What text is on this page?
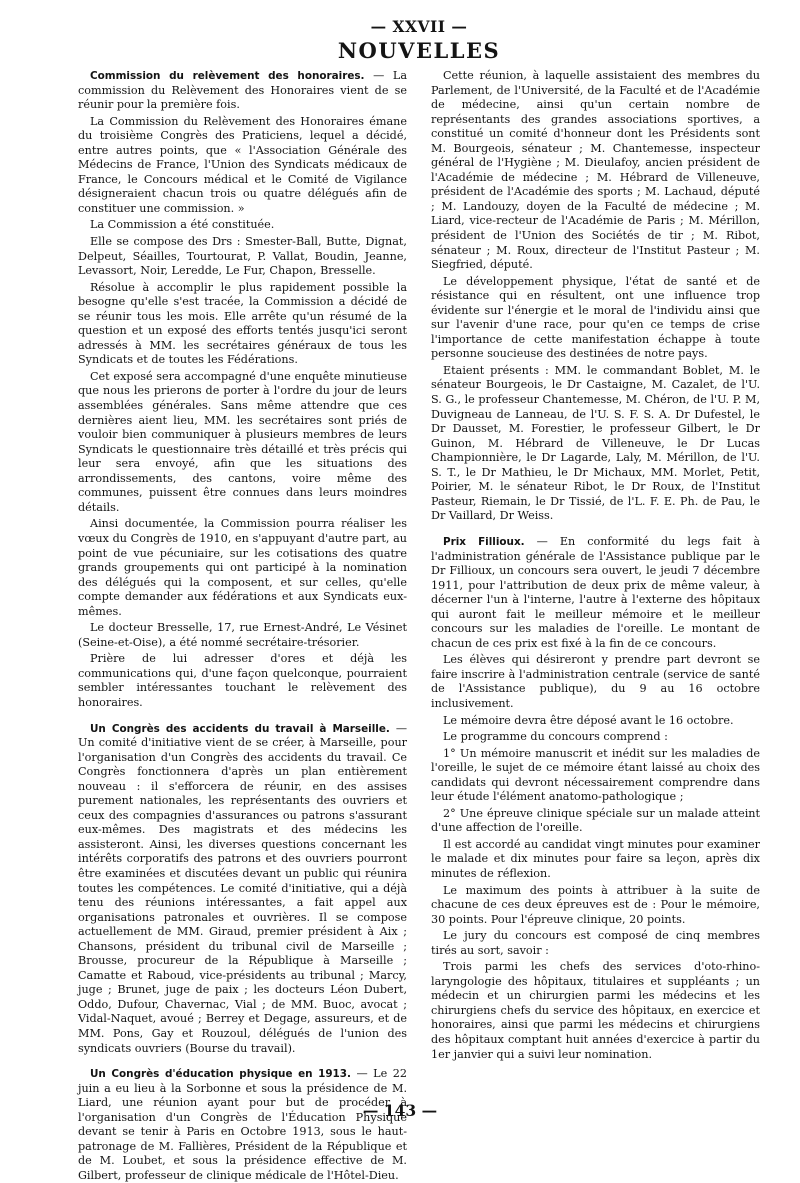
— XXVII —

NOUVELLES

Commission du relèvement des honoraires. — La commission du Relèvement des Honoraires vient de se réunir pour la première fois.

La Commission du Relèvement des Honoraires émane du troisième Congrès des Praticiens, lequel a décidé, entre autres points, que « l'Association Générale des Médecins de France, l'Union des Syndicats médicaux de France, le Concours médical et le Comité de Vigilance désigneraient chacun trois ou quatre délégués afin de constituer une commission. »

La Commission a été constituée.

Elle se compose des Drs : Smester-Ball, Butte, Dignat, Delpeut, Séailles, Tourtourat, P. Vallat, Boudin, Jeanne, Levassort, Noir, Leredde, Le Fur, Chapon, Bresselle.

Résolue à accomplir le plus rapidement possible la besogne qu'elle s'est tracée, la Commission a décidé de se réunir tous les mois. Elle arrête qu'un résumé de la question et un exposé des efforts tentés jusqu'ici seront adressés à MM. les secrétaires généraux de tous les Syndicats et de toutes les Fédérations.

Cet exposé sera accompagné d'une enquête minutieuse que nous les prierons de porter à l'ordre du jour de leurs assemblées générales. Sans même attendre que ces dernières aient lieu, MM. les secrétaires sont priés de vouloir bien communiquer à plusieurs membres de leurs Syndicats le questionnaire très détaillé et très précis qui leur sera envoyé, afin que les situations des arrondissements, des cantons, voire même des communes, puissent être connues dans leurs moindres détails.

Ainsi documentée, la Commission pourra réaliser les vœux du Congrès de 1910, en s'appuyant d'autre part, au point de vue pécuniaire, sur les cotisations des quatre grands groupements qui ont participé à la nomination des délégués qui la composent, et sur celles, qu'elle compte demander aux fédérations et aux Syndicats eux-mêmes.

Le docteur Bresselle, 17, rue Ernest-André, Le Vésinet (Seine-et-Oise), a été nommé secrétaire-trésorier.

Prière de lui adresser d'ores et déjà les communications qui, d'une façon quelconque, pourraient sembler intéressantes touchant le relèvement des honoraires.

Un Congrès des accidents du travail à Marseille. — Un comité d'initiative vient de se créer, à Marseille, pour l'organisation d'un Congrès des accidents du travail. Ce Congrès fonctionnera d'après un plan entièrement nouveau : il s'efforcera de réunir, en des assises purement nationales, les représentants des ouvriers et ceux des compagnies d'assurances ou patrons s'assurant eux-mêmes. Des magistrats et des médecins les assisteront. Ainsi, les diverses questions concernant les intérêts corporatifs des patrons et des ouvriers pourront être examinées et discutées devant un public qui réunira toutes les compétences. Le comité d'initiative, qui a déjà tenu des réunions intéressantes, a fait appel aux organisations patronales et ouvrières. Il se compose actuellement de MM. Giraud, premier président à Aix ; Chansons, président du tribunal civil de Marseille ; Brousse, procureur de la République à Marseille ; Camatte et Raboud, vice-présidents au tribunal ; Marcy, juge ; Brunet, juge de paix ; les docteurs Léon Dubert, Oddo, Dufour, Chavernac, Vial ; de MM. Buoc, avocat ; Vidal-Naquet, avoué ; Berrey et Degage, assureurs, et de MM. Pons, Gay et Rouzoul, délégués de l'union des syndicats ouvriers (Bourse du travail).

Un Congrès d'éducation physique en 1913. — Le 22 juin a eu lieu à la Sorbonne et sous la présidence de M. Liard, une réunion ayant pour but de procéder à l'organisation d'un Congrès de l'Éducation Physique devant se tenir à Paris en Octobre 1913, sous le haut-patronage de M. Fallières, Président de la République et de M. Loubet, et sous la présidence effective de M. Gilbert, professeur de clinique médicale de l'Hôtel-Dieu.

Cette réunion, à laquelle assistaient des membres du Parlement, de l'Université, de la Faculté et de l'Académie de médecine, ainsi qu'un certain nombre de représentants des grandes associations sportives, a constitué un comité d'honneur dont les Présidents sont M. Bourgeois, sénateur ; M. Chantemesse, inspecteur général de l'Hygiène ; M. Dieulafoy, ancien président de l'Académie de médecine ; M. Hébrard de Villeneuve, président de l'Académie des sports ; M. Lachaud, député ; M. Landouzy, doyen de la Faculté de médecine ; M. Liard, vice-recteur de l'Académie de Paris ; M. Mérillon, président de l'Union des Sociétés de tir ; M. Ribot, sénateur ; M. Roux, directeur de l'Institut Pasteur ; M. Siegfried, député.

Le développement physique, l'état de santé et de résistance qui en résultent, ont une influence trop évidente sur l'énergie et le moral de l'individu ainsi que sur l'avenir d'une race, pour qu'en ce temps de crise l'importance de cette manifestation échappe à toute personne soucieuse des destinées de notre pays.

Etaient présents : MM. le commandant Boblet, M. le sénateur Bourgeois, le Dr Castaigne, M. Cazalet, de l'U. S. G., le professeur Chantemesse, M. Chéron, de l'U. P. M, Duvigneau de Lanneau, de l'U. S. F. S. A. Dr Dufestel, le Dr Dausset, M. Forestier, le professeur Gilbert, le Dr Guinon, M. Hébrard de Villeneuve, le Dr Lucas Championnière, le Dr Lagarde, Laly, M. Mérillon, de l'U. S. T., le Dr Mathieu, le Dr Michaux, MM. Morlet, Petit, Poirier, M. le sénateur Ribot, le Dr Roux, de l'Institut Pasteur, Riemain, le Dr Tissié, de l'L. F. E. Ph. de Pau, le Dr Vaillard, Dr Weiss.

Prix Fillioux. — En conformité du legs fait à l'administration générale de l'Assistance publique par le Dr Fillioux, un concours sera ouvert, le jeudi 7 décembre 1911, pour l'attribution de deux prix de même valeur, à décerner l'un à l'interne, l'autre à l'externe des hôpitaux qui auront fait le meilleur mémoire et le meilleur concours sur les maladies de l'oreille. Le montant de chacun de ces prix est fixé à la fin de ce concours.

Les élèves qui désireront y prendre part devront se faire inscrire à l'administration centrale (service de santé de l'Assistance publique), du 9 au 16 octobre inclusivement.

Le mémoire devra être déposé avant le 16 octobre.

Le programme du concours comprend :

1° Un mémoire manuscrit et inédit sur les maladies de l'oreille, le sujet de ce mémoire étant laissé au choix des candidats qui devront nécessairement comprendre dans leur étude l'élément anatomo-pathologique ;

2° Une épreuve clinique spéciale sur un malade atteint d'une affection de l'oreille.

Il est accordé au candidat vingt minutes pour examiner le malade et dix minutes pour faire sa leçon, après dix minutes de réflexion.

Le maximum des points à attribuer à la suite de chacune de ces deux épreuves est de : Pour le mémoire, 30 points. Pour l'épreuve clinique, 20 points.

Le jury du concours est composé de cinq membres tirés au sort, savoir :

Trois parmi les chefs des services d'oto-rhino-laryngologie des hôpitaux, titulaires et suppléants ; un médecin et un chirurgien parmi les médecins et les chirurgiens chefs du service des hôpitaux, en exercice et honoraires, ainsi que parmi les médecins et chirurgiens des hôpitaux comptant huit années d'exercice à partir du 1er janvier qui a suivi leur nomination.

— 143 —
